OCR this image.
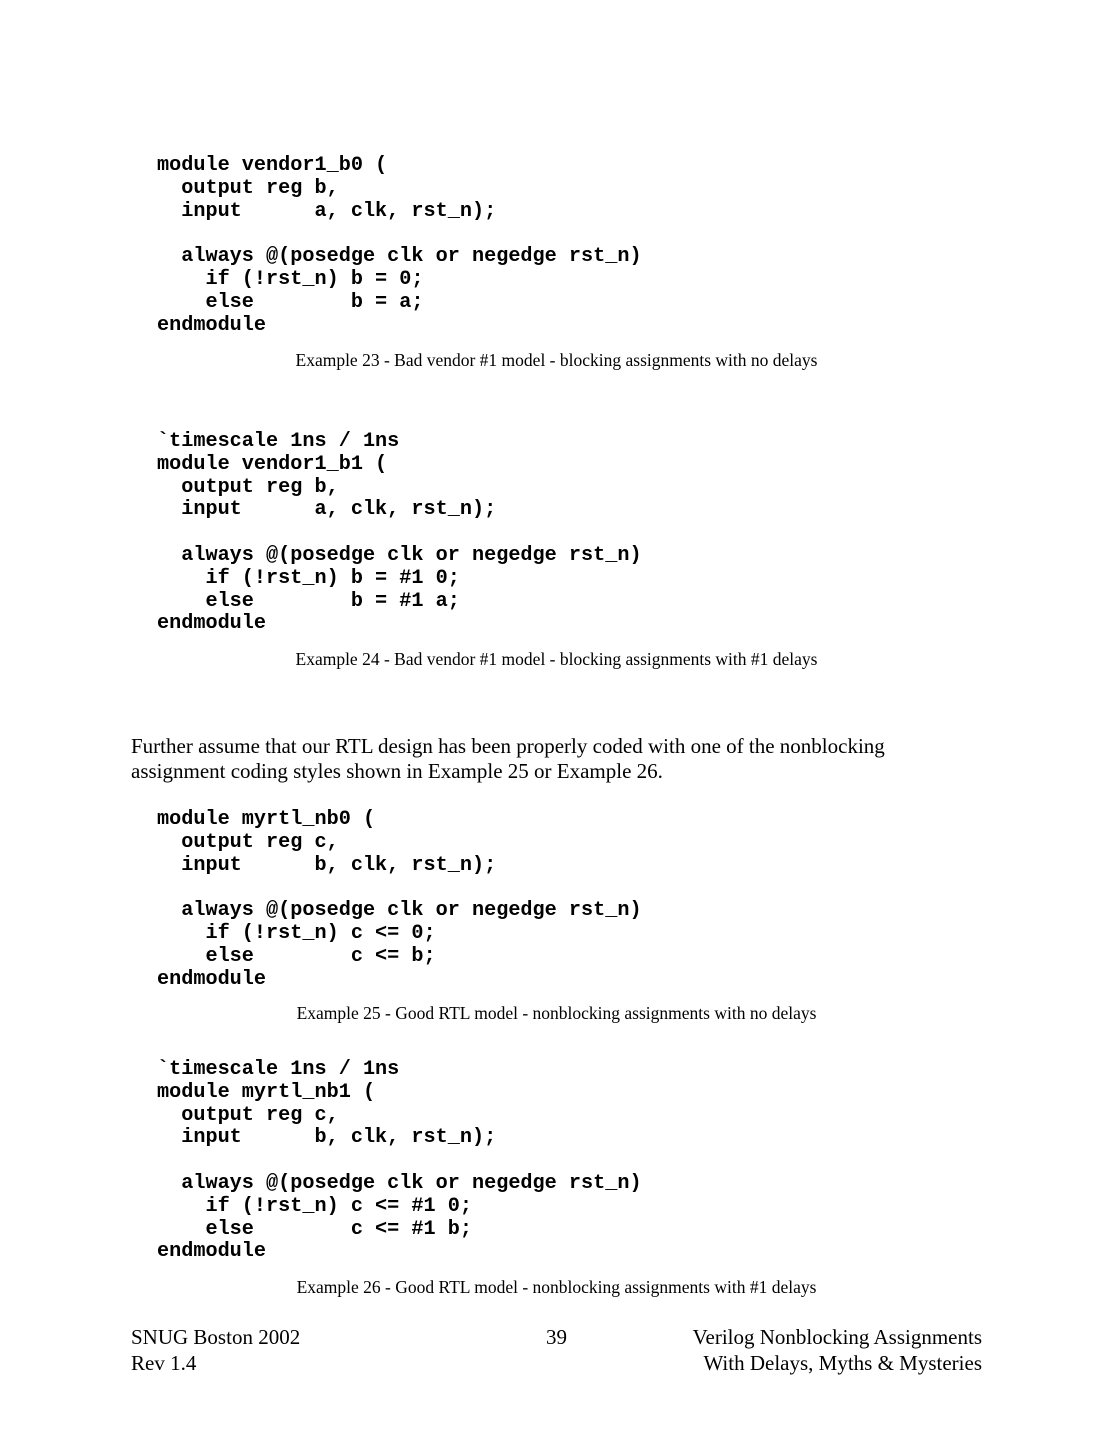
module vendor1_b0 (
output reg b,
input      a, clk, rst_n);
always @(posedge clk or negedge rst_n)
if (!rst_n) b = 0;
else        b = a;
endmodule
Example 23 - Bad vendor #1 model - blocking assignments with no delays
`timescale 1ns / 1ns
module vendor1_b1 (
output reg b,
input      a, clk, rst_n);
always @(posedge clk or negedge rst_n)
if (!rst_n) b = #1 0;
else        b = #1 a;
endmodule
Example 24 - Bad vendor #1 model - blocking assignments with #1 delays
Further assume that our RTL design has been properly coded with one of the nonblocking
assignment coding styles shown in Example 25 or Example 26.
module myrtl_nb0 (
output reg c,
input      b, clk, rst_n);
always @(posedge clk or negedge rst_n)
if (!rst_n) c <= 0;
else        c <= b;
endmodule
Example 25 - Good RTL model - nonblocking assignments with no delays
`timescale 1ns / 1ns
module myrtl_nb1 (
output reg c,
input      b, clk, rst_n);
always @(posedge clk or negedge rst_n)
if (!rst_n) c <= #1 0;
else        c <= #1 b;
endmodule
Example 26 - Good RTL model - nonblocking assignments with #1 delays
SNUG Boston 2002
Rev 1.4
39	Verilog Nonblocking Assignments
With Delays, Myths & Mysteries
